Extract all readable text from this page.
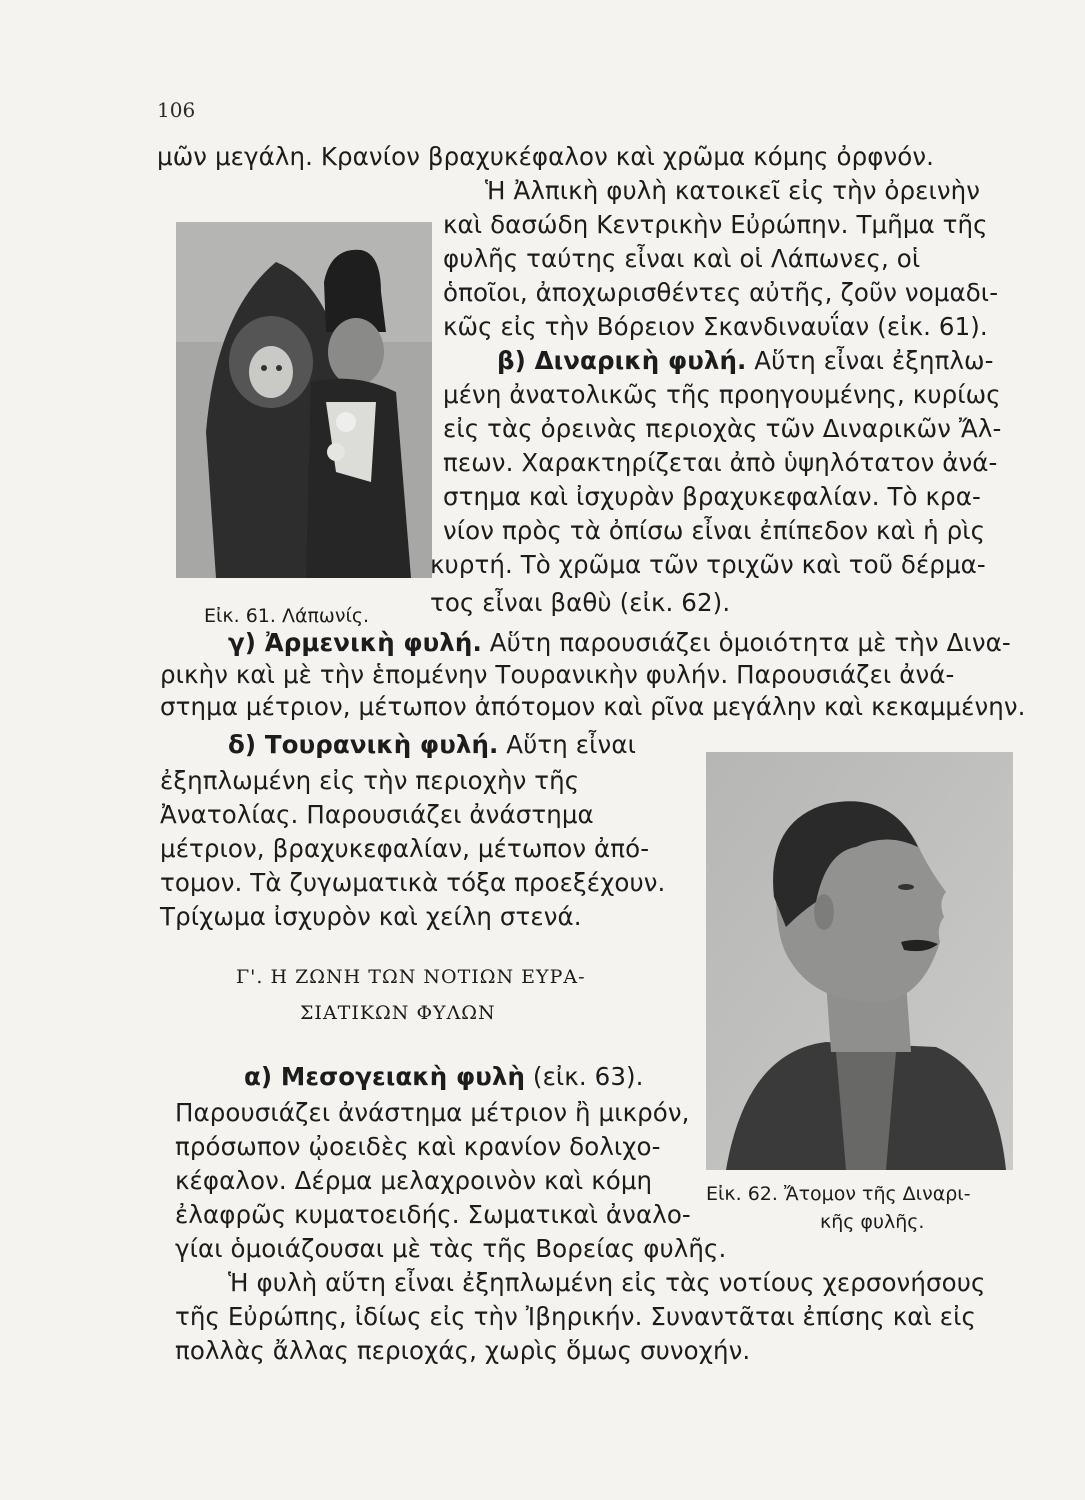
106
Εἰκ. 61. Λάπωνίς.
μῶν μεγάλη. Κρανίον βραχυκέφαλον καὶ χρῶμα κόμης ὀρφνόν.
Ἡ Ἀλπικὴ φυλὴ κατοικεῖ εἰς τὴν ὀρεινὴν
καὶ δασώδη Κεντρικὴν Εὐρώπην. Τμῆμα τῆς
φυλῆς ταύτης εἶναι καὶ οἱ Λάπωνες, οἱ
ὁποῖοι, ἀποχωρισθέντες αὐτῆς, ζοῦν νομαδι-
κῶς εἰς τὴν Βόρειον Σκανδιναυΐαν (εἰκ. 61).
β) Διναρικὴ φυλή. Αὕτη εἶναι ἐξηπλω-
μένη ἀνατολικῶς τῆς προηγουμένης, κυρίως
εἰς τὰς ὀρεινὰς περιοχὰς τῶν Διναρικῶν Ἄλ-
πεων. Χαρακτηρίζεται ἀπὸ ὑψηλότατον ἀνά-
στημα καὶ ἰσχυρὰν βραχυκεφαλίαν. Τὸ κρα-
νίον πρὸς τὰ ὀπίσω εἶναι ἐπίπεδον καὶ ἡ ρὶς
κυρτή. Τὸ χρῶμα τῶν τριχῶν καὶ τοῦ δέρμα-
τος εἶναι βαθὺ (εἰκ. 62).
γ) Ἀρμενικὴ φυλή. Αὕτη παρουσιάζει ὁμοιότητα μὲ τὴν Δινα-
ρικὴν καὶ μὲ τὴν ἑπομένην Τουρανικὴν φυλήν. Παρουσιάζει ἀνά-
στημα μέτριον, μέτωπον ἀπότομον καὶ ρῖνα μεγάλην καὶ κεκαμμένην.
δ) Τουρανικὴ φυλή. Αὕτη εἶναι
ἐξηπλωμένη εἰς τὴν περιοχὴν τῆς
Ἀνατολίας. Παρουσιάζει ἀνάστημα
μέτριον, βραχυκεφαλίαν, μέτωπον ἀπό-
τομον. Τὰ ζυγωματικὰ τόξα προεξέχουν.
Τρίχωμα ἰσχυρὸν καὶ χείλη στενά.
Γ'. Η ΖΩΝΗ ΤΩΝ ΝΟΤΙΩΝ ΕΥΡΑ-
ΣΙΑΤΙΚΩΝ ΦΥΛΩΝ
α) Μεσογειακὴ φυλὴ (εἰκ. 63).
Παρουσιάζει ἀνάστημα μέτριον ἢ μικρόν,
πρόσωπον ᾠοειδὲς καὶ κρανίον δολιχο-
κέφαλον. Δέρμα μελαχροινὸν καὶ κόμη
ἐλαφρῶς κυματοειδής. Σωματικαὶ ἀναλο-
γίαι ὁμοιάζουσαι μὲ τὰς τῆς Βορείας φυλῆς.
Ἡ φυλὴ αὕτη εἶναι ἐξηπλωμένη εἰς τὰς νοτίους χερσονήσους
τῆς Εὐρώπης, ἰδίως εἰς τὴν Ἰβηρικήν. Συναντᾶται ἐπίσης καὶ εἰς
πολλὰς ἄλλας περιοχάς, χωρὶς ὅμως συνοχήν.
Εἰκ. 62. Ἄτομον τῆς Διναρι-
κῆς φυλῆς.
